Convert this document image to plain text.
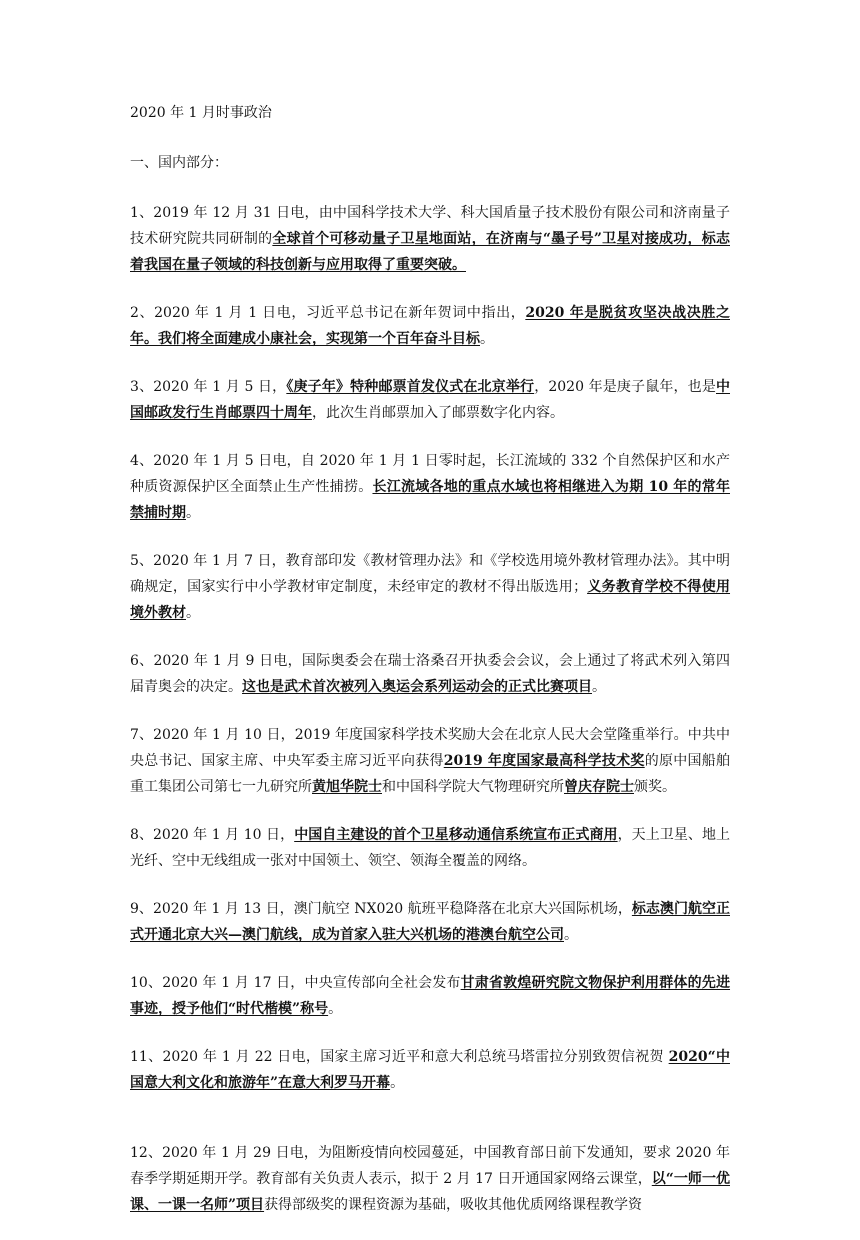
2020 年 1 月时事政治
一、国内部分：

1、2019 年 12 月 31 日电，由中国科学技术大学、科大国盾量子技术股份有限公司和济南量子技术研究院共同研制的全球首个可移动量子卫星地面站，在济南与“墨子号”卫星对接成功，标志着我国在量子领域的科技创新与应用取得了重要突破。

2、2020 年 1 月 1 日电，习近平总书记在新年贺词中指出，2020 年是脱贫攻坚决战决胜之年。我们将全面建成小康社会，实现第一个百年奋斗目标。

3、2020 年 1 月 5 日，《庚子年》特种邮票首发仪式在北京举行，2020 年是庚子鼠年，也是中国邮政发行生肖邮票四十周年，此次生肖邮票加入了邮票数字化内容。

4、2020 年 1 月 5 日电，自 2020 年 1 月 1 日零时起，长江流域的 332 个自然保护区和水产种质资源保护区全面禁止生产性捕捞。长江流域各地的重点水域也将相继进入为期 10 年的常年禁捕时期。

5、2020 年 1 月 7 日，教育部印发《教材管理办法》和《学校选用境外教材管理办法》。其中明确规定，国家实行中小学教材审定制度，未经审定的教材不得出版选用；义务教育学校不得使用境外教材。

6、2020 年 1 月 9 日电，国际奥委会在瑞士洛桑召开执委会会议，会上通过了将武术列入第四届青奥会的决定。这也是武术首次被列入奥运会系列运动会的正式比赛项目。

7、2020 年 1 月 10 日，2019 年度国家科学技术奖励大会在北京人民大会堂隆重举行。中共中央总书记、国家主席、中央军委主席习近平向获得2019 年度国家最高科学技术奖的原中国船舶重工集团公司第七一九研究所黄旭华院士和中国科学院大气物理研究所曾庆存院士颁奖。

8、2020 年 1 月 10 日，中国自主建设的首个卫星移动通信系统宣布正式商用，天上卫星、地上光纤、空中无线组成一张对中国领土、领空、领海全覆盖的网络。

9、2020 年 1 月 13 日，澳门航空 NX020 航班平稳降落在北京大兴国际机场，标志澳门航空正式开通北京大兴—澳门航线，成为首家入驻大兴机场的港澳台航空公司。

10、2020 年 1 月 17 日，中央宣传部向全社会发布甘肃省敦煌研究院文物保护利用群体的先进事迹，授予他们“时代楷模”称号。

11、2020 年 1 月 22 日电，国家主席习近平和意大利总统马塔雷拉分别致贺信祝贺 2020“中国意大利文化和旅游年”在意大利罗马开幕。

12、2020 年 1 月 29 日电，为阻断疫情向校园蔓延，中国教育部日前下发通知，要求 2020 年春季学期延期开学。教育部有关负责人表示，拟于 2 月 17 日开通国家网络云课堂，以“一师一优课、一课一名师”项目获得部级奖的课程资源为基础，吸收其他优质网络课程教学资
